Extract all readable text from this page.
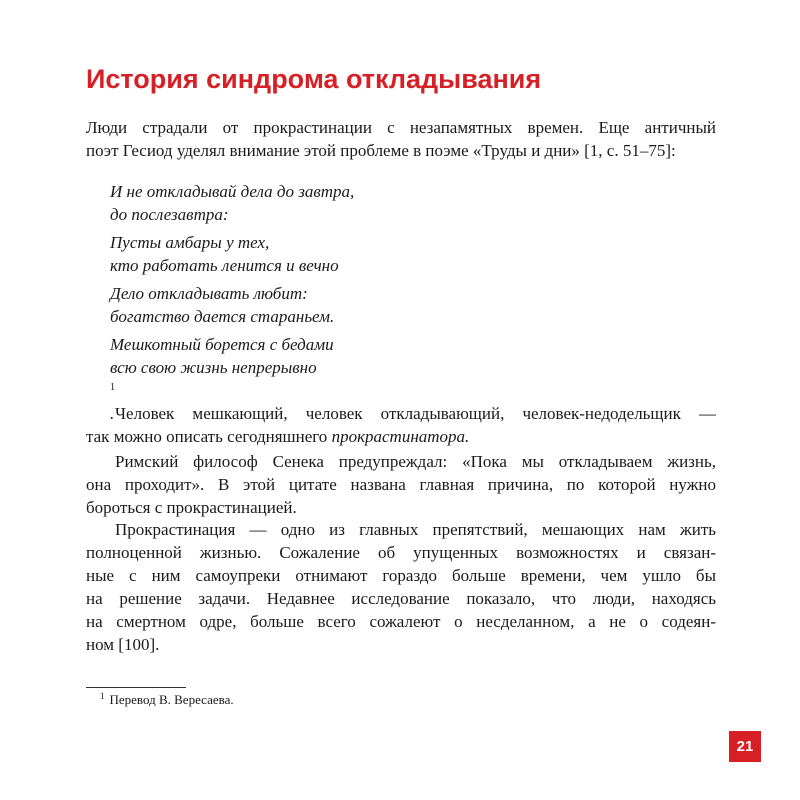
История синдрома откладывания
Люди страдали от прокрастинации с незапамятных времен. Еще античный
поэт Гесиод уделял внимание этой проблеме в поэме «Труды и дни» [1, с. 51–75]:
И не откладывай дела до завтра,
до послезавтра:
Пусты амбары у тех,
кто работать ленится и вечно
Дело откладывать любит:
богатство дается стараньем.
Мешкотный борется с бедами
всю свою жизнь непрерывно
$^1$
. Человек мешкающий, человек откладывающий, человек-недодельщик —
так можно описать сегодняшнего прокрастинатора.
Римский философ Сенека предупреждал: «Пока мы откладываем жизнь,
она проходит». В этой цитате названа главная причина, по которой нужно
бороться с прокрастинацией.
Прокрастинация — одно из главных препятствий, мешающих нам жить
полноценной жизнью. Сожаление об упущенных возможностях и связан-
ные с ним самоупреки отнимают гораздо больше времени, чем ушло бы
на решение задачи. Недавнее исследование показало, что люди, находясь
на смертном одре, больше всего сожалеют о несделанном, а не о содеян-
ном [100].

$^1$ Перевод В. Вересаева.

21
